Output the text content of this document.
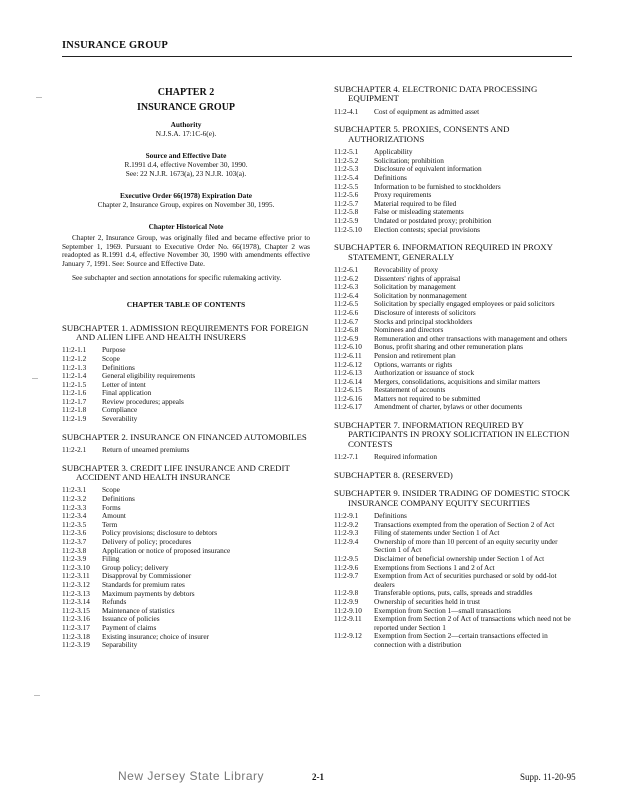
INSURANCE GROUP
CHAPTER 2
INSURANCE GROUP
Authority
N.J.S.A. 17:1C-6(e).
Source and Effective Date
R.1991 d.4, effective November 30, 1990.
See: 22 N.J.R. 1673(a), 23 N.J.R. 103(a).
Executive Order 66(1978) Expiration Date
Chapter 2, Insurance Group, expires on November 30, 1995.
Chapter Historical Note
Chapter 2, Insurance Group, was originally filed and became effective prior to September 1, 1969. Pursuant to Executive Order No. 66(1978), Chapter 2 was readopted as R.1991 d.4, effective November 30, 1990 with amendments effective January 7, 1991. See: Source and Effective Date.
See subchapter and section annotations for specific rulemaking activity.
CHAPTER TABLE OF CONTENTS
SUBCHAPTER 1. ADMISSION REQUIREMENTS FOR FOREIGN AND ALIEN LIFE AND HEALTH INSURERS
11:2-1.1	Purpose
11:2-1.2	Scope
11:2-1.3	Definitions
11:2-1.4	General eligibility requirements
11:2-1.5	Letter of intent
11:2-1.6	Final application
11:2-1.7	Review procedures; appeals
11:2-1.8	Compliance
11:2-1.9	Severability
SUBCHAPTER 2. INSURANCE ON FINANCED AUTOMOBILES
11:2-2.1	Return of unearned premiums
SUBCHAPTER 3. CREDIT LIFE INSURANCE AND CREDIT ACCIDENT AND HEALTH INSURANCE
11:2-3.1	Scope
11:2-3.2	Definitions
11:2-3.3	Forms
11:2-3.4	Amount
11:2-3.5	Term
11:2-3.6	Policy provisions; disclosure to debtors
11:2-3.7	Delivery of policy; procedures
11:2-3.8	Application or notice of proposed insurance
11:2-3.9	Filing
11:2-3.10	Group policy; delivery
11:2-3.11	Disapproval by Commissioner
11:2-3.12	Standards for premium rates
11:2-3.13	Maximum payments by debtors
11:2-3.14	Refunds
11:2-3.15	Maintenance of statistics
11:2-3.16	Issuance of policies
11:2-3.17	Payment of claims
11:2-3.18	Existing insurance; choice of insurer
11:2-3.19	Separability
SUBCHAPTER 4. ELECTRONIC DATA PROCESSING EQUIPMENT
11:2-4.1	Cost of equipment as admitted asset
SUBCHAPTER 5. PROXIES, CONSENTS AND AUTHORIZATIONS
11:2-5.1	Applicability
11:2-5.2	Solicitation; prohibition
11:2-5.3	Disclosure of equivalent information
11:2-5.4	Definitions
11:2-5.5	Information to be furnished to stockholders
11:2-5.6	Proxy requirements
11:2-5.7	Material required to be filed
11:2-5.8	False or misleading statements
11:2-5.9	Undated or postdated proxy; prohibition
11:2-5.10	Election contests; special provisions
SUBCHAPTER 6. INFORMATION REQUIRED IN PROXY STATEMENT, GENERALLY
11:2-6.1	Revocability of proxy
11:2-6.2	Dissenters' rights of appraisal
11:2-6.3	Solicitation by management
11:2-6.4	Solicitation by nonmanagement
11:2-6.5	Solicitation by specially engaged employees or paid solicitors
11:2-6.6	Disclosure of interests of solicitors
11:2-6.7	Stocks and principal stockholders
11:2-6.8	Nominees and directors
11:2-6.9	Remuneration and other transactions with management and others
11:2-6.10	Bonus, profit sharing and other remuneration plans
11:2-6.11	Pension and retirement plan
11:2-6.12	Options, warrants or rights
11:2-6.13	Authorization or issuance of stock
11:2-6.14	Mergers, consolidations, acquisitions and similar matters
11:2-6.15	Restatement of accounts
11:2-6.16	Matters not required to be submitted
11:2-6.17	Amendment of charter, bylaws or other documents
SUBCHAPTER 7. INFORMATION REQUIRED BY PARTICIPANTS IN PROXY SOLICITATION IN ELECTION CONTESTS
11:2-7.1	Required information
SUBCHAPTER 8. (RESERVED)
SUBCHAPTER 9. INSIDER TRADING OF DOMESTIC STOCK INSURANCE COMPANY EQUITY SECURITIES
11:2-9.1	Definitions
11:2-9.2	Transactions exempted from the operation of Section 2 of Act
11:2-9.3	Filing of statements under Section 1 of Act
11:2-9.4	Ownership of more than 10 percent of an equity security under Section 1 of Act
11:2-9.5	Disclaimer of beneficial ownership under Section 1 of Act
11:2-9.6	Exemptions from Sections 1 and 2 of Act
11:2-9.7	Exemption from Act of securities purchased or sold by odd-lot dealers
11:2-9.8	Transferable options, puts, calls, spreads and straddles
11:2-9.9	Ownership of securities held in trust
11:2-9.10	Exemption from Section 1—small transactions
11:2-9.11	Exemption from Section 2 of Act of transactions which need not be reported under Section 1
11:2-9.12	Exemption from Section 2—certain transactions effected in connection with a distribution
New Jersey State Library	2-1	Supp. 11-20-95
